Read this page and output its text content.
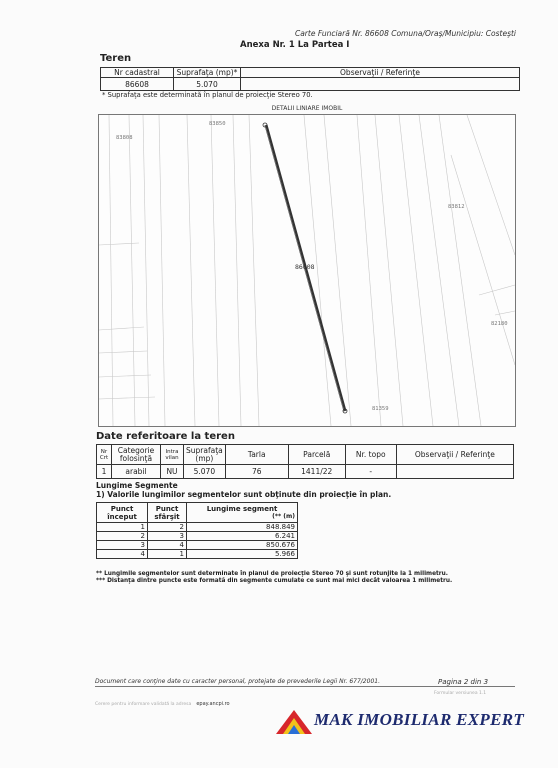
Carte Funciară Nr. 86608 Comuna/Oraş/Municipiu: Costeşti
Anexa Nr. 1 La Partea I
Teren
Nr cadastral	Suprafaţa (mp)*	Observaţii / Referinţe
86608	5.070	
* Suprafaţa este determinată în planul de proiecţie Stereo 70.
DETALII LINIARE IMOBIL
83850
83808
83812
86608
82180
81359
Date referitoare la teren
Nr Crt	Categorie folosinţă	Intra vilan	Suprafaţa (mp)	Tarla	Parcelă	Nr. topo	Observaţii / Referinţe
1	arabil	NU	5.070	76	1411/22	-	
Lungime Segmente
1) Valorile lungimilor segmentelor sunt obţinute din proiecţie în plan.
Punct început	Punct sfârşit	Lungime segment
(** (m)

1	2	848.849
2	3	6.241
3	4	850.676
4	1	5.966
** Lungimile segmentelor sunt determinate în planul de proiecţie Stereo 70 şi sunt rotunjite la 1 milimetru.
*** Distanţa dintre puncte este formată din segmente cumulate ce sunt mai mici decât valoarea 1 milimetru.
Document care conţine date cu caracter personal, protejate de prevederile Legii Nr. 677/2001.	Pagina 2 din 3
Cerere pentru informare validată la adresa epay.ancpi.ro
Formular versiunea 1.1
MAK IMOBILIAR EXPERT
